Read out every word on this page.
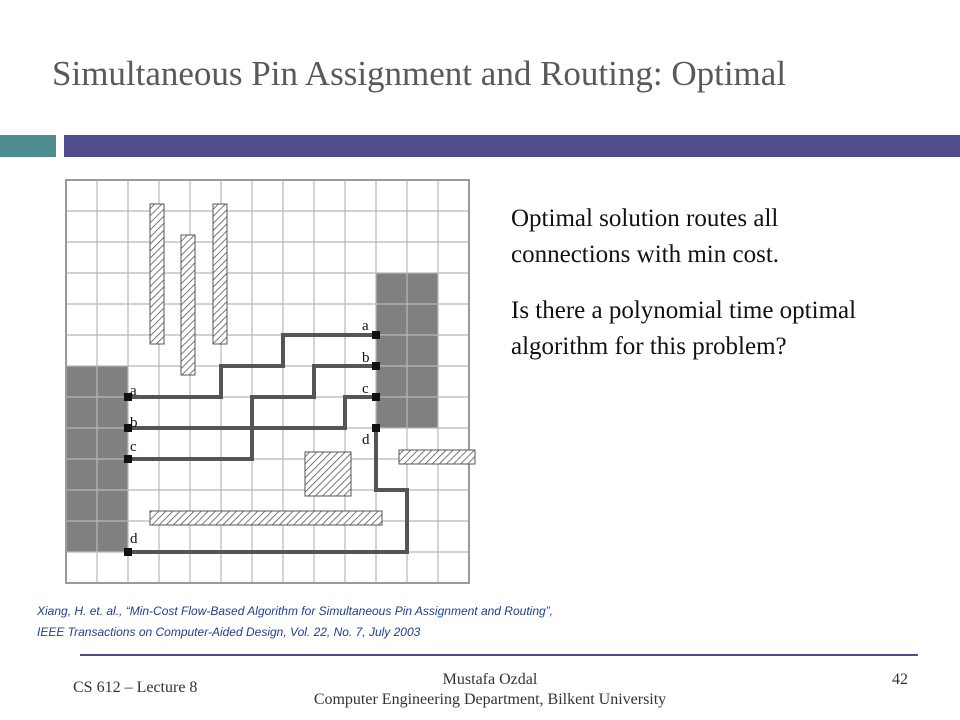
Simultaneous Pin Assignment and Routing: Optimal
a
b
c
d
a
b
c
d

Optimal solution routes all connections with min cost.

Is there a polynomial time optimal algorithm for this problem?

Xiang, H. et. al., “Min-Cost Flow-Based Algorithm for Simultaneous Pin Assignment and Routing”,
IEEE Transactions on Computer-Aided Design, Vol. 22, No. 7, July 2003
CS 612 – Lecture 8	Mustafa Ozdal
Computer Engineering Department, Bilkent University
42
